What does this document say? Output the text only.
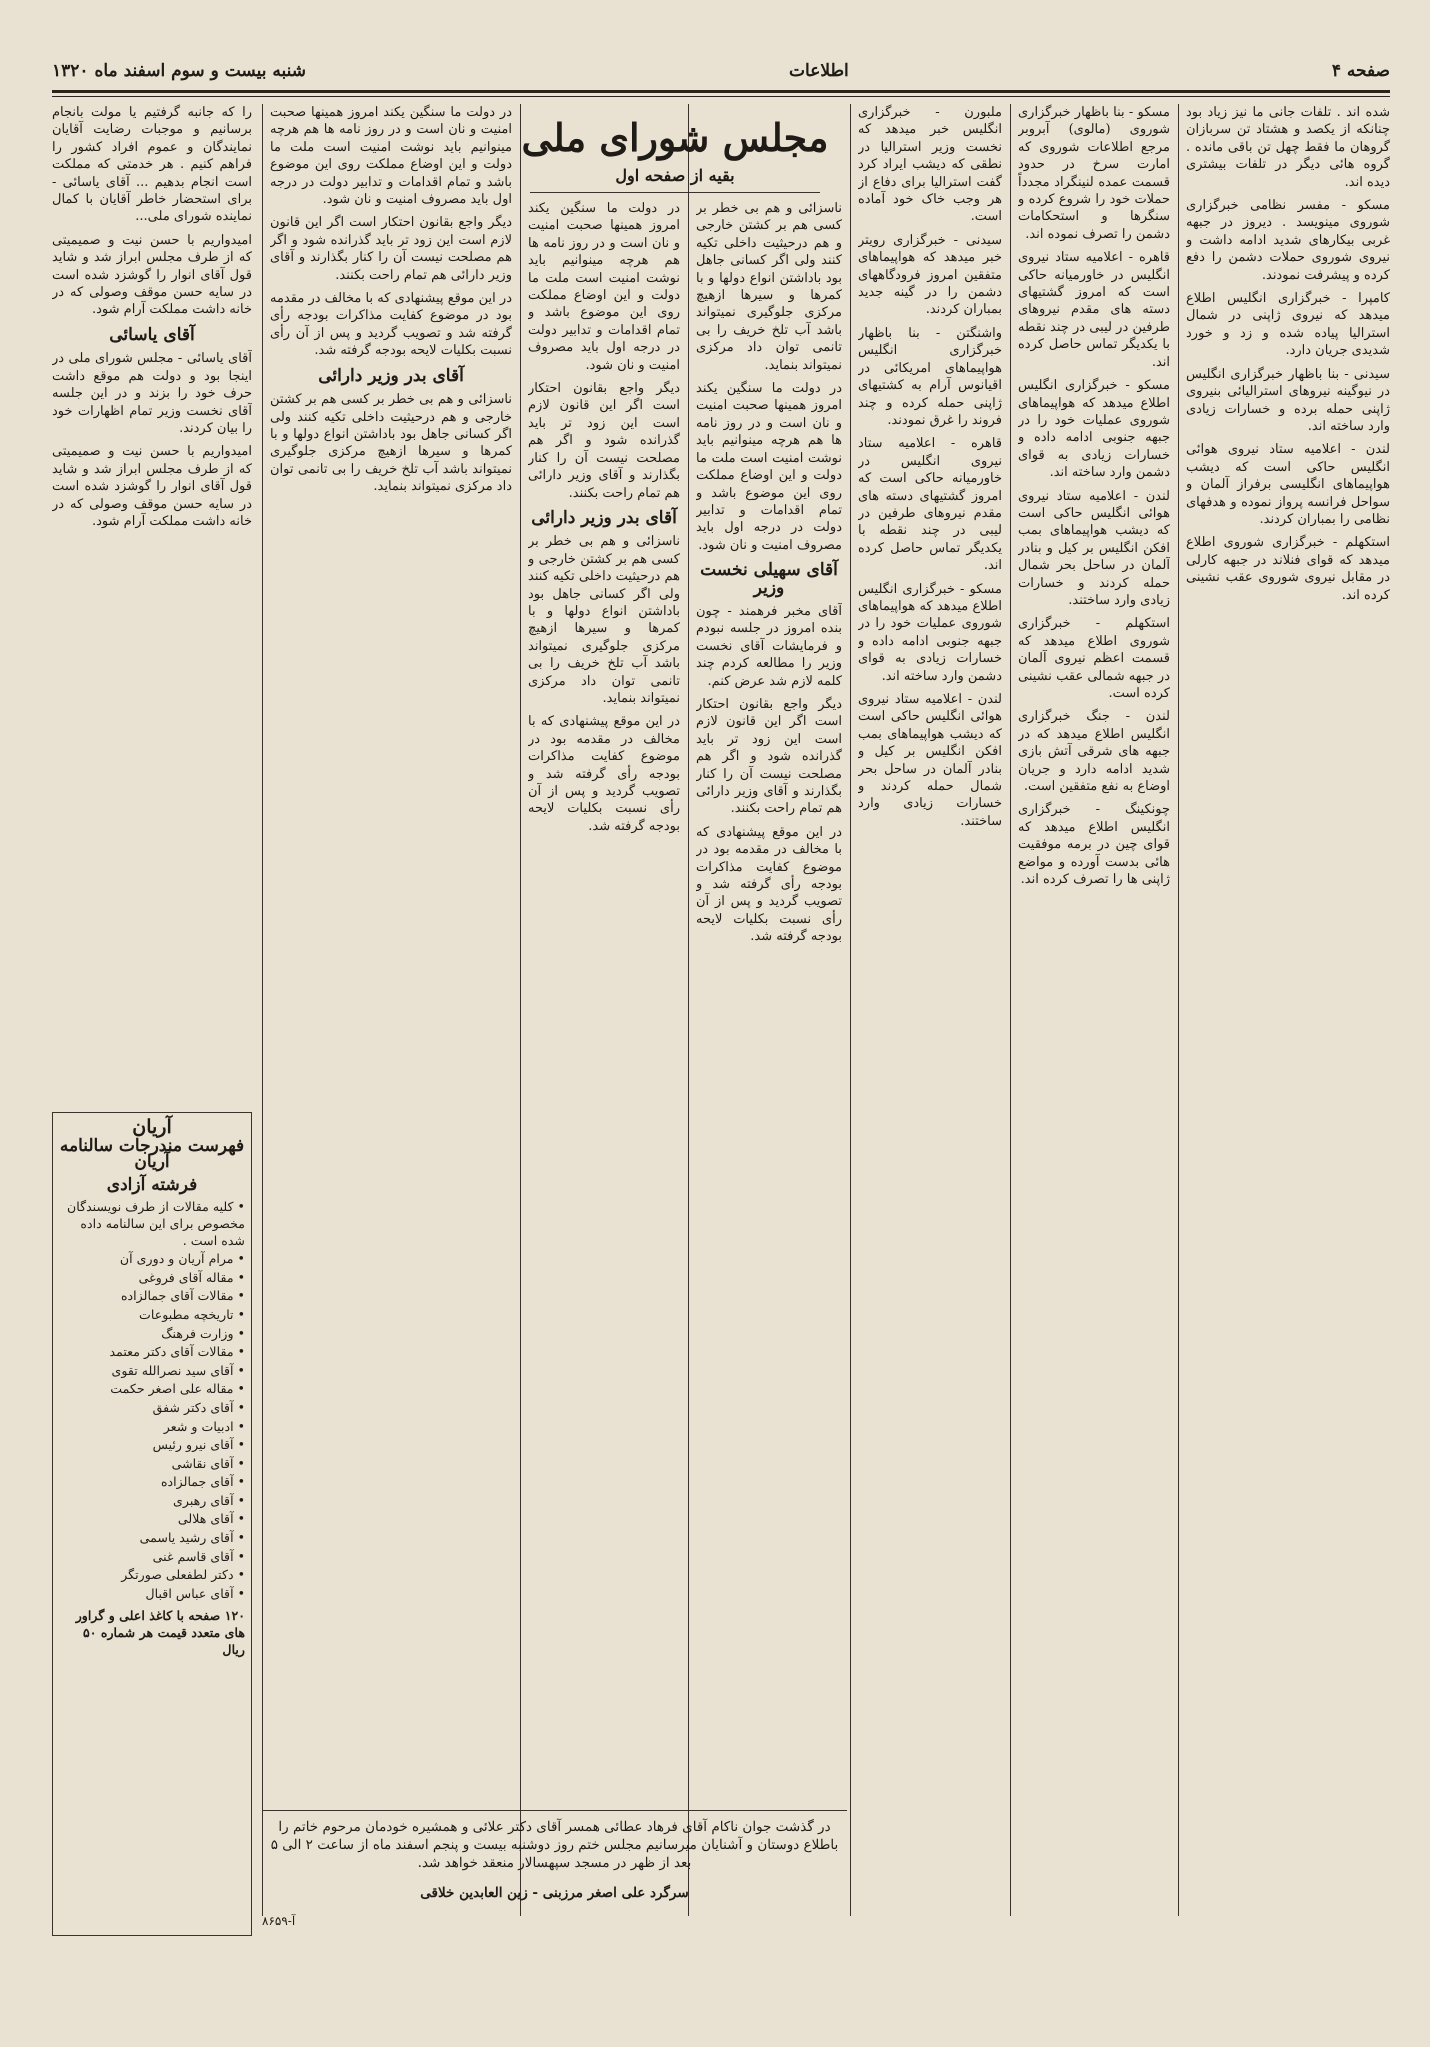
صفحه ۴
اطلاعات
شنبه بیست و سوم اسفند ماه ۱۳۲۰

شده اند . تلفات جانی ما نیز زیاد بود چنانکه از یکصد و هشتاد تن سربازان گروهان ما فقط چهل تن باقی مانده . گروه هائی دیگر در تلفات بیشتری دیده اند.

مسکو - مفسر نظامی خبرگزاری شوروی مینویسد . دیروز در جبهه غربی بیکارهای شدید ادامه داشت و نیروی شوروی حملات دشمن را دفع کرده و پیشرفت نمودند.

کامپرا - خبرگزاری انگلیس اطلاع میدهد که نیروی ژاپنی در شمال استرالیا پیاده شده و زد و خورد شدیدی جریان دارد.

سیدنی - بنا باظهار خبرگزاری انگلیس در نیوگینه نیروهای استرالیائی بنیروی ژاپنی حمله برده و خسارات زیادی وارد ساخته اند.

لندن - اعلامیه ستاد نیروی هوائی انگلیس حاکی است که دیشب هواپیماهای انگلیسی برفراز آلمان و سواحل فرانسه پرواز نموده و هدفهای نظامی را بمباران کردند.

استکهلم - خبرگزاری شوروی اطلاع میدهد که قوای فنلاند در جبهه کارلی در مقابل نیروی شوروی عقب نشینی کرده اند.

مسکو - بنا باظهار خبرگزاری شوروی (مالوی) آبروبر مرجع اطلاعات شوروی که امارت سرخ در حدود قسمت عمده لنینگراد مجدداً حملات خود را شروع کرده و سنگرها و استحکامات دشمن را تصرف نموده اند.

قاهره - اعلامیه ستاد نیروی انگلیس در خاورمیانه حاکی است که امروز گشتیهای دسته های مقدم نیروهای طرفین در لیبی در چند نقطه با یکدیگر تماس حاصل کرده اند.

مسکو - خبرگزاری انگلیس اطلاع میدهد که هواپیماهای شوروی عملیات خود را در جبهه جنوبی ادامه داده و خسارات زیادی به قوای دشمن وارد ساخته اند.

لندن - اعلامیه ستاد نیروی هوائی انگلیس حاکی است که دیشب هواپیماهای بمب افکن انگلیس بر کیل و بنادر آلمان در ساحل بحر شمال حمله کردند و خسارات زیادی وارد ساختند.

استکهلم - خبرگزاری شوروی اطلاع میدهد که قسمت اعظم نیروی آلمان در جبهه شمالی عقب نشینی کرده است.

لندن - جنگ خبرگزاری انگلیس اطلاع میدهد که در جبهه های شرقی آتش بازی شدید ادامه دارد و جریان اوضاع به نفع متفقین است.

چونکینگ - خبرگزاری انگلیس اطلاع میدهد که قوای چین در برمه موفقیت هائی بدست آورده و مواضع ژاپنی ها را تصرف کرده اند.

ملبورن - خبرگزاری انگلیس خبر میدهد که نخست وزیر استرالیا در نطقی که دیشب ایراد کرد گفت استرالیا برای دفاع از هر وجب خاک خود آماده است.

سیدنی - خبرگزاری رویتر خبر میدهد که هواپیماهای متفقین امروز فرودگاههای دشمن را در گینه جدید بمباران کردند.

واشنگتن - بنا باظهار خبرگزاری انگلیس هواپیماهای امریکائی در اقیانوس آرام به کشتیهای ژاپنی حمله کرده و چند فروند را غرق نمودند.

قاهره - اعلامیه ستاد نیروی انگلیس در خاورمیانه حاکی است که امروز گشتیهای دسته های مقدم نیروهای طرفین در لیبی در چند نقطه با یکدیگر تماس حاصل کرده اند.

مسکو - خبرگزاری انگلیس اطلاع میدهد که هواپیماهای شوروی عملیات خود را در جبهه جنوبی ادامه داده و خسارات زیادی به قوای دشمن وارد ساخته اند.

لندن - اعلامیه ستاد نیروی هوائی انگلیس حاکی است که دیشب هواپیماهای بمب افکن انگلیس بر کیل و بنادر آلمان در ساحل بحر شمال حمله کردند و خسارات زیادی وارد ساختند.

مجلس شورای ملی
بقیه از صفحه اول

ناسزائی و هم بی خطر بر کسی هم بر کشتن خارجی و هم درحیثیت داخلی تکیه کنند ولی اگر کسانی جاهل بود باداشتن انواع دولها و با کمرها و سیرها ازهیچ مرکزی جلوگیری نمیتواند باشد آب تلخ خریف را بی تانمی توان داد مرکزی نمیتواند بنماید.

در دولت ما سنگین یکند امروز همینها صحبت امنیت و نان است و در روز نامه ها هم هرچه مینوانیم باید نوشت امنیت است ملت ما دولت و این اوضاع مملکت روی این موضوع باشد و تمام اقدامات و تدابیر دولت در درجه اول باید مصروف امنیت و نان شود.

آقای سهیلی نخست وزیر

آقای مخبر فرهمند - چون بنده امروز در جلسه نبودم و فرمایشات آقای نخست وزیر را مطالعه کردم چند کلمه لازم شد عرض کنم.

دیگر واجع بقانون احتکار است اگر این قانون لازم است این زود تر باید گذرانده شود و اگر هم مصلحت نیست آن را کنار بگذارند و آقای وزیر دارائی هم تمام راحت بکنند.

در این موقع پیشنهادی که با مخالف در مقدمه بود در موضوع کفایت مذاکرات بودجه رأی گرفته شد و تصویب گردید و پس از آن رأی نسبت بکلیات لایحه بودجه گرفته شد.

در دولت ما سنگین یکند امروز همینها صحبت امنیت و نان است و در روز نامه ها هم هرچه مینوانیم باید نوشت امنیت است ملت ما دولت و این اوضاع مملکت روی این موضوع باشد و تمام اقدامات و تدابیر دولت در درجه اول باید مصروف امنیت و نان شود.

دیگر واجع بقانون احتکار است اگر این قانون لازم است این زود تر باید گذرانده شود و اگر هم مصلحت نیست آن را کنار بگذارند و آقای وزیر دارائی هم تمام راحت بکنند.

آقای بدر وزیر دارائی

ناسزائی و هم بی خطر بر کسی هم بر کشتن خارجی و هم درحیثیت داخلی تکیه کنند ولی اگر کسانی جاهل بود باداشتن انواع دولها و با کمرها و سیرها ازهیچ مرکزی جلوگیری نمیتواند باشد آب تلخ خریف را بی تانمی توان داد مرکزی نمیتواند بنماید.

در این موقع پیشنهادی که با مخالف در مقدمه بود در موضوع کفایت مذاکرات بودجه رأی گرفته شد و تصویب گردید و پس از آن رأی نسبت بکلیات لایحه بودجه گرفته شد.

در دولت ما سنگین یکند امروز همینها صحبت امنیت و نان است و در روز نامه ها هم هرچه مینوانیم باید نوشت امنیت است ملت ما دولت و این اوضاع مملکت روی این موضوع باشد و تمام اقدامات و تدابیر دولت در درجه اول باید مصروف امنیت و نان شود.

دیگر واجع بقانون احتکار است اگر این قانون لازم است این زود تر باید گذرانده شود و اگر هم مصلحت نیست آن را کنار بگذارند و آقای وزیر دارائی هم تمام راحت بکنند.

در این موقع پیشنهادی که با مخالف در مقدمه بود در موضوع کفایت مذاکرات بودجه رأی گرفته شد و تصویب گردید و پس از آن رأی نسبت بکلیات لایحه بودجه گرفته شد.

آقای بدر وزیر دارائی

ناسزائی و هم بی خطر بر کسی هم بر کشتن خارجی و هم درحیثیت داخلی تکیه کنند ولی اگر کسانی جاهل بود باداشتن انواع دولها و با کمرها و سیرها ازهیچ مرکزی جلوگیری نمیتواند باشد آب تلخ خریف را بی تانمی توان داد مرکزی نمیتواند بنماید.

در گذشت جوان ناکام آقای فرهاد عطائی همسر آقای دکتر علائی و همشیره خودمان مرحوم خاتم را باطلاع دوستان و آشنایان میرسانیم مجلس ختم روز دوشنبه بیست و پنجم اسفند ماه از ساعت ۲ الی ۵ بعد از ظهر در مسجد سپهسالار منعقد خواهد شد.
سرگرد علی اصغر مرزبنی - زین العابدین خلاقی
۸۶۵۹-آ

را که جانبه گرفتیم یا مولت بانجام برسانیم و موجبات رضایت آقایان نمایندگان و عموم افراد کشور را فراهم کنیم . هر خدمتی که مملکت است انجام بدهیم ... آقای یاسائی - برای استحضار خاطر آقایان با کمال نماینده شوراى ملی...

امیدواریم با حسن نیت و صمیمیتی که از طرف مجلس ابراز شد و شاید قول آقای انوار را گوشزد شده است در سایه حسن موقف وصولی که در خانه داشت مملکت آرام شود.

آقای یاسائی

آقای یاسائی - مجلس شورای ملی در اینجا بود و دولت هم موقع داشت حرف خود را بزند و در این جلسه آقای نخست وزیر تمام اظهارات خود را بیان کردند.

امیدواریم با حسن نیت و صمیمیتی که از طرف مجلس ابراز شد و شاید قول آقای انوار را گوشزد شده است در سایه حسن موقف وصولی که در خانه داشت مملکت آرام شود.

آریان
فهرست مندرجات سالنامه آریان
فرشته آزادی
• کلیه مقالات از طرف نویسندگان مخصوص برای این سالنامه داده شده است .
• مرام آریان و دوری آن
• مقاله آقای فروغی
• مقالات آقای جمالزاده
• تاریخچه مطبوعات
• وزارت فرهنگ
• مقالات آقای دکتر معتمد
• آقای سید نصرالله تقوی
• مقاله علی اصغر حکمت
• آقای دکتر شفق
• ادبیات و شعر
• آقای نیرو رئیس
• آقای نقاشی
• آقای جمالزاده
• آقای رهبری
• آقای هلالی
• آقای رشید یاسمی
• آقای قاسم غنی
• دکتر لطفعلی صورتگر
• آقای عباس اقبال
۱۲۰ صفحه با کاغذ اعلی و گراور های متعدد قیمت هر شماره ۵۰ ریال
